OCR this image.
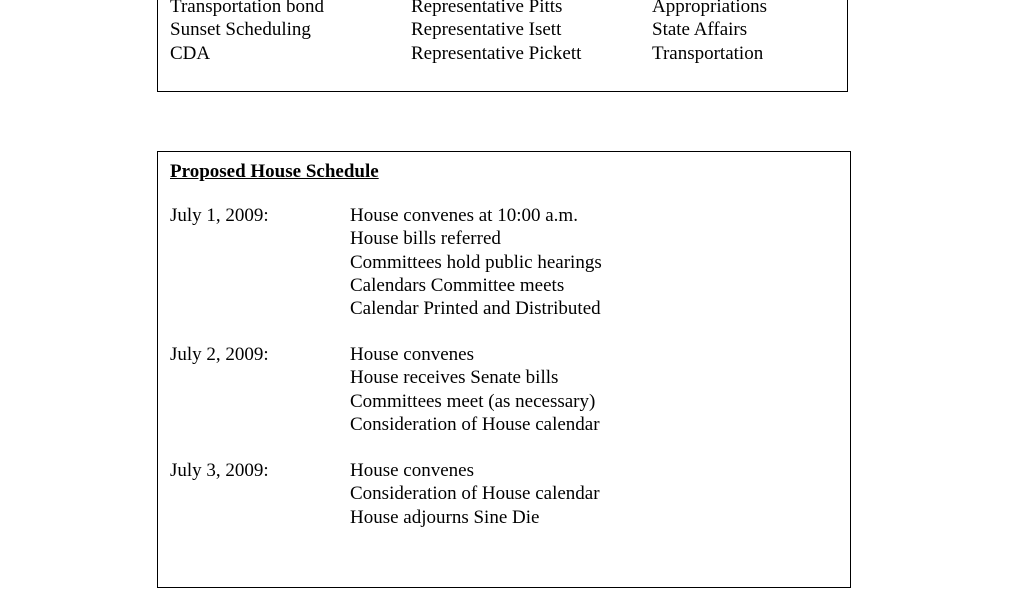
Transportation bond	Representative Pitts	Appropriations
Sunset Scheduling	Representative Isett	State Affairs
CDA	Representative Pickett	Transportation
Proposed House Schedule
July 1, 2009:	House convenes at 10:00 a.m.
House bills referred
Committees hold public hearings
Calendars Committee meets
Calendar Printed and Distributed
July 2, 2009:	House convenes
House receives Senate bills
Committees meet (as necessary)
Consideration of House calendar
July 3, 2009:	House convenes
Consideration of House calendar
House adjourns Sine Die
